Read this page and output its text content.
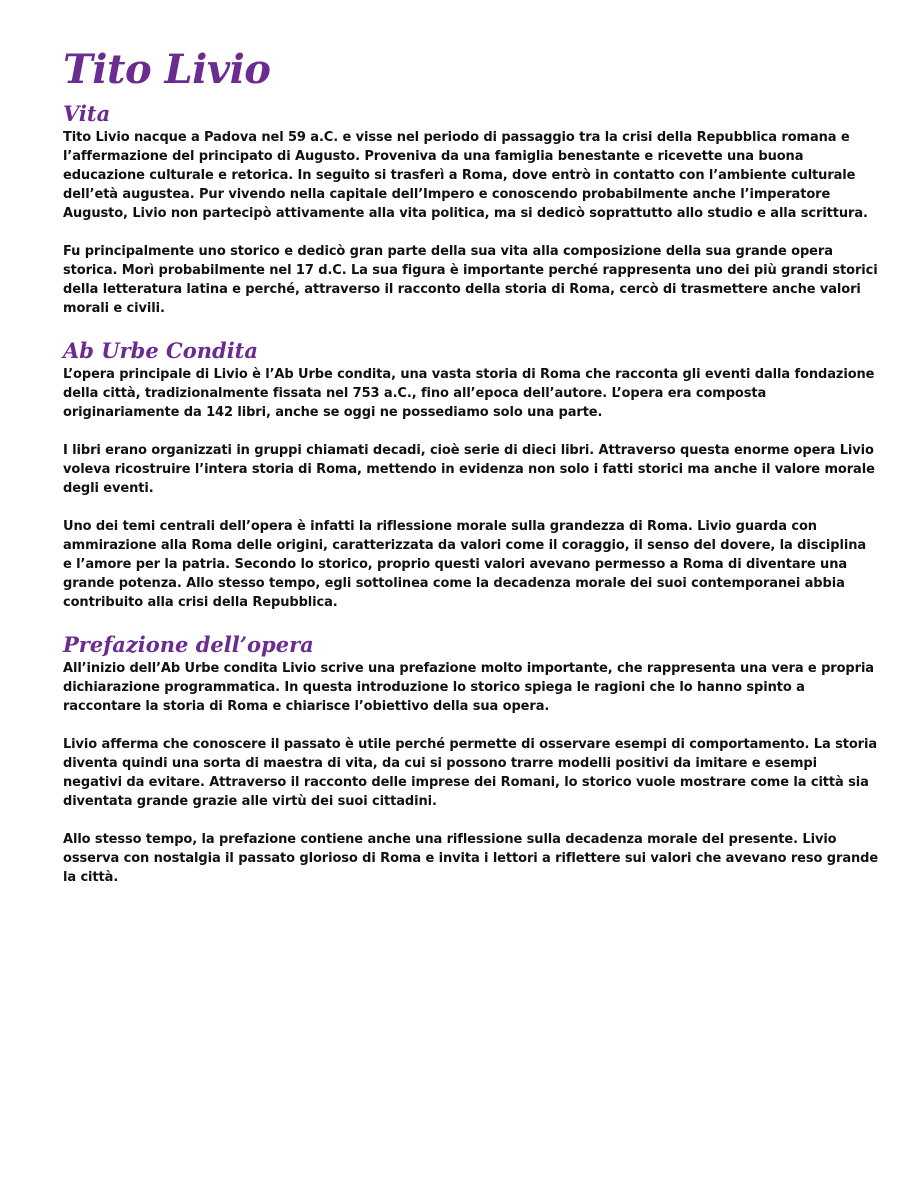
Tito Livio
Vita

Tito Livio nacque a Padova nel 59 a.C. e visse nel periodo di passaggio tra la crisi della Repubblica romana e l’affermazione del principato di Augusto. Proveniva da una famiglia benestante e ricevette una buona educazione culturale e retorica. In seguito si trasferì a Roma, dove entrò in contatto con l’ambiente culturale dell’età augustea. Pur vivendo nella capitale dell’Impero e conoscendo probabilmente anche l’imperatore Augusto, Livio non partecipò attivamente alla vita politica, ma si dedicò soprattutto allo studio e alla scrittura.

Fu principalmente uno storico e dedicò gran parte della sua vita alla composizione della sua grande opera storica. Morì probabilmente nel 17 d.C. La sua figura è importante perché rappresenta uno dei più grandi storici della letteratura latina e perché, attraverso il racconto della storia di Roma, cercò di trasmettere anche valori morali e civili.

Ab Urbe Condita

L’opera principale di Livio è l’Ab Urbe condita, una vasta storia di Roma che racconta gli eventi dalla fondazione della città, tradizionalmente fissata nel 753 a.C., fino all’epoca dell’autore. L’opera era composta originariamente da 142 libri, anche se oggi ne possediamo solo una parte.

I libri erano organizzati in gruppi chiamati decadi, cioè serie di dieci libri. Attraverso questa enorme opera Livio voleva ricostruire l’intera storia di Roma, mettendo in evidenza non solo i fatti storici ma anche il valore morale degli eventi.

Uno dei temi centrali dell’opera è infatti la riflessione morale sulla grandezza di Roma. Livio guarda con ammirazione alla Roma delle origini, caratterizzata da valori come il coraggio, il senso del dovere, la disciplina e l’amore per la patria. Secondo lo storico, proprio questi valori avevano permesso a Roma di diventare una grande potenza. Allo stesso tempo, egli sottolinea come la decadenza morale dei suoi contemporanei abbia contribuito alla crisi della Repubblica.

Prefazione dell’opera

All’inizio dell’Ab Urbe condita Livio scrive una prefazione molto importante, che rappresenta una vera e propria dichiarazione programmatica. In questa introduzione lo storico spiega le ragioni che lo hanno spinto a raccontare la storia di Roma e chiarisce l’obiettivo della sua opera.

Livio afferma che conoscere il passato è utile perché permette di osservare esempi di comportamento. La storia diventa quindi una sorta di maestra di vita, da cui si possono trarre modelli positivi da imitare e esempi negativi da evitare. Attraverso il racconto delle imprese dei Romani, lo storico vuole mostrare come la città sia diventata grande grazie alle virtù dei suoi cittadini.

Allo stesso tempo, la prefazione contiene anche una riflessione sulla decadenza morale del presente. Livio osserva con nostalgia il passato glorioso di Roma e invita i lettori a riflettere sui valori che avevano reso grande la città.
